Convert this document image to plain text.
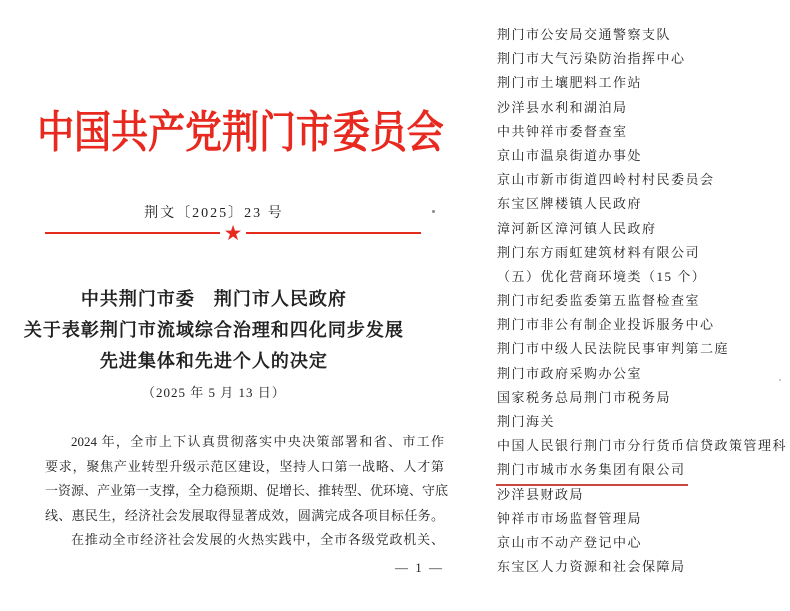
中国共产党荆门市委员会
荆文〔2025〕23 号
★
中共荆门市委　荆门市人民政府
关于表彰荆门市流域综合治理和四化同步发展
先进集体和先进个人的决定
（2025 年 5 月 13 日）
2024 年，全市上下认真贯彻落实中央决策部署和省、市工作
要求，聚焦产业转型升级示范区建设，坚持人口第一战略、人才第
一资源、产业第一支撑，全力稳预期、促增长、推转型、优环境、守底
线、惠民生，经济社会发展取得显著成效，圆满完成各项目标任务。
在推动全市经济社会发展的火热实践中，全市各级党政机关、
— 1 —
荆门市公安局交通警察支队
荆门市大气污染防治指挥中心
荆门市土壤肥料工作站
沙洋县水利和湖泊局
中共钟祥市委督查室
京山市温泉街道办事处
京山市新市街道四岭村村民委员会
东宝区牌楼镇人民政府
漳河新区漳河镇人民政府
荆门东方雨虹建筑材料有限公司
（五）优化营商环境类（15 个）
荆门市纪委监委第五监督检查室
荆门市非公有制企业投诉服务中心
荆门市中级人民法院民事审判第二庭
荆门市政府采购办公室
国家税务总局荆门市税务局
荆门海关
中国人民银行荆门市分行货币信贷政策管理科
荆门市城市水务集团有限公司
沙洋县财政局
钟祥市市场监督管理局
京山市不动产登记中心
东宝区人力资源和社会保障局
